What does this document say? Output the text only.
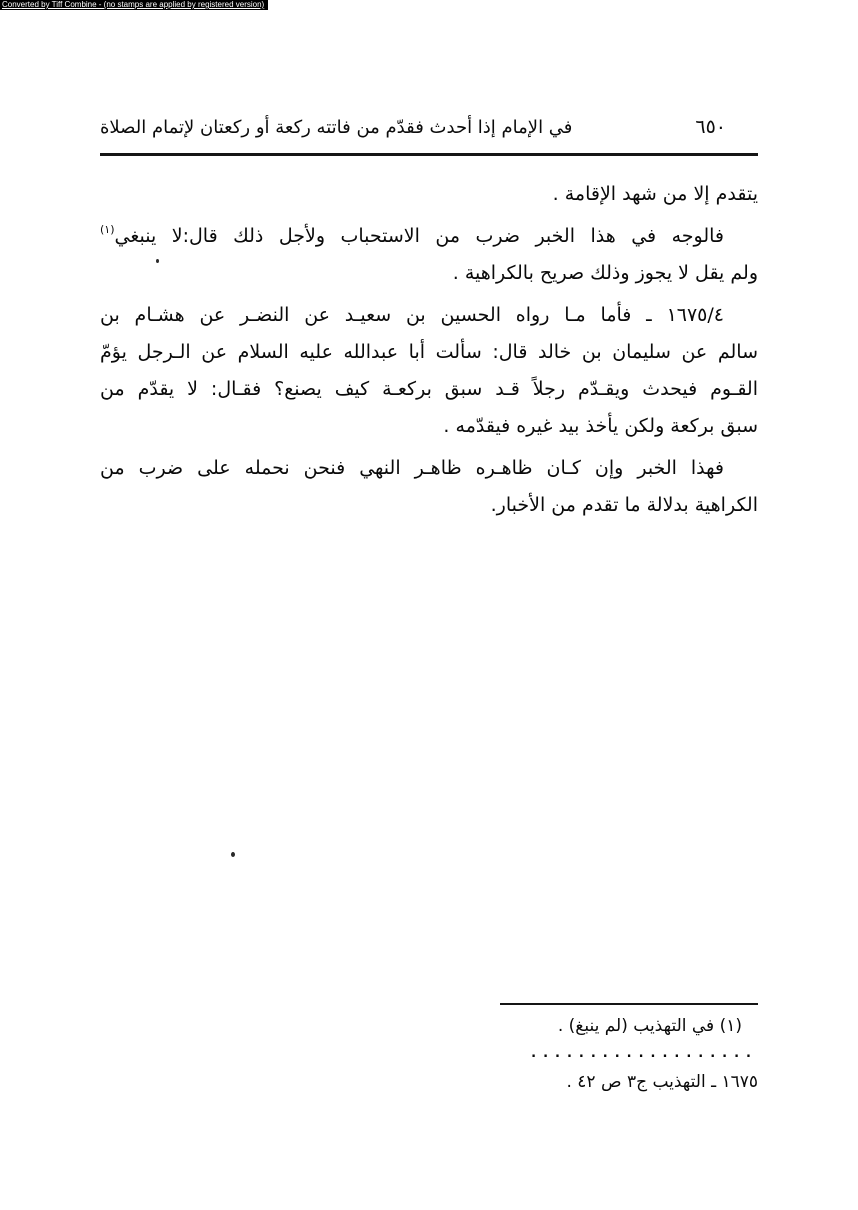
Converted by Tiff Combine - (no stamps are applied by registered version)
في الإمام إذا أحدث فقدّم من فاتته ركعة أو ركعتان لإتمام الصلاة	٦٥٠
يتقدم إلا من شهد الإقامة .
فالوجه في هذا الخبر ضرب من الاستحباب ولأجل ذلك قال:لا ينبغي$^{(١)}$
ولم يقل لا يجوز وذلك صريح بالكراهية .
١٦٧٥/٤ ـ فأما مـا رواه الحسين بن سعيـد عن النضـر عن هشـام بن
سالم عن سليمان بن خالد قال: سألت أبا عبدالله عليه السلام عن الـرجل يؤمّ
القـوم فيحدث ويقـدّم رجلاً قـد سبق بركعـة كيف يصنع؟ فقـال: لا يقدّم من
سبق بركعة ولكن يأخذ بيد غيره فيقدّمه .
فهذا الخبر وإن كـان ظاهـره ظاهـر النهي فنحن نحمله على ضرب من
الكراهية بدلالة ما تقدم من الأخبار.
(١) في التهذيب (لم ينبغ) .
...................
١٦٧٥ ـ التهذيب ج٣ ص ٤٢ .
